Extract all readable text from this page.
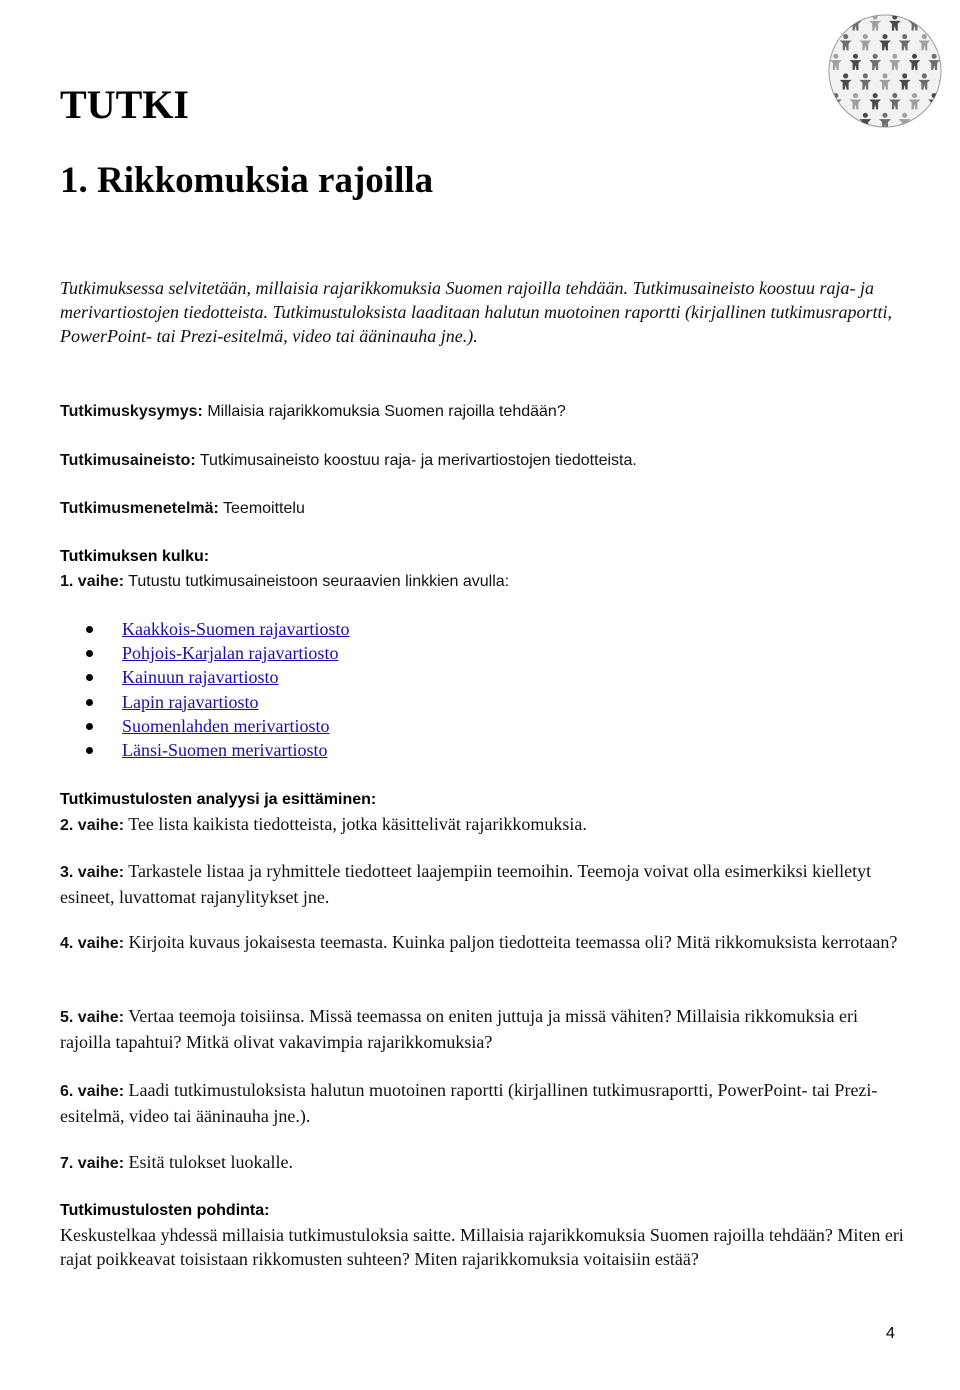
TUTKI
1. Rikkomuksia rajoilla

Tutkimuksessa selvitetään, millaisia rajarikkomuksia Suomen rajoilla tehdään. Tutkimusaineisto koostuu raja- ja merivartiostojen tiedotteista. Tutkimustuloksista laaditaan halutun muotoinen raportti (kirjallinen tutkimusraportti, PowerPoint- tai Prezi-esitelmä, video tai ääninauha jne.).

Tutkimuskysymys: Millaisia rajarikkomuksia Suomen rajoilla tehdään?

Tutkimusaineisto: Tutkimusaineisto koostuu raja- ja merivartiostojen tiedotteista.

Tutkimusmenetelmä: Teemoittelu

Tutkimuksen kulku:

1. vaihe: Tutustu tutkimusaineistoon seuraavien linkkien avulla:

Kaakkois-Suomen rajavartiosto
Pohjois-Karjalan rajavartiosto
Kainuun rajavartiosto
Lapin rajavartiosto
Suomenlahden merivartiosto
Länsi-Suomen merivartiosto

Tutkimustulosten analyysi ja esittäminen:

2. vaihe: Tee lista kaikista tiedotteista, jotka käsittelivät rajarikkomuksia.

3. vaihe: Tarkastele listaa ja ryhmittele tiedotteet laajempiin teemoihin. Teemoja voivat olla esimerkiksi kielletyt esineet, luvattomat rajanylitykset jne.

4. vaihe: Kirjoita kuvaus jokaisesta teemasta. Kuinka paljon tiedotteita teemassa oli? Mitä rikkomuksista kerrotaan?

5. vaihe: Vertaa teemoja toisiinsa. Missä teemassa on eniten juttuja ja missä vähiten? Millaisia rikkomuksia eri rajoilla tapahtui? Mitkä olivat vakavimpia rajarikkomuksia?

6. vaihe: Laadi tutkimustuloksista halutun muotoinen raportti (kirjallinen tutkimusraportti, PowerPoint- tai Prezi-esitelmä, video tai ääninauha jne.).

7. vaihe: Esitä tulokset luokalle.

Tutkimustulosten pohdinta:

Keskustelkaa yhdessä millaisia tutkimustuloksia saitte. Millaisia rajarikkomuksia Suomen rajoilla tehdään? Miten eri rajat poikkeavat toisistaan rikkomusten suhteen? Miten rajarikkomuksia voitaisiin estää?

4
